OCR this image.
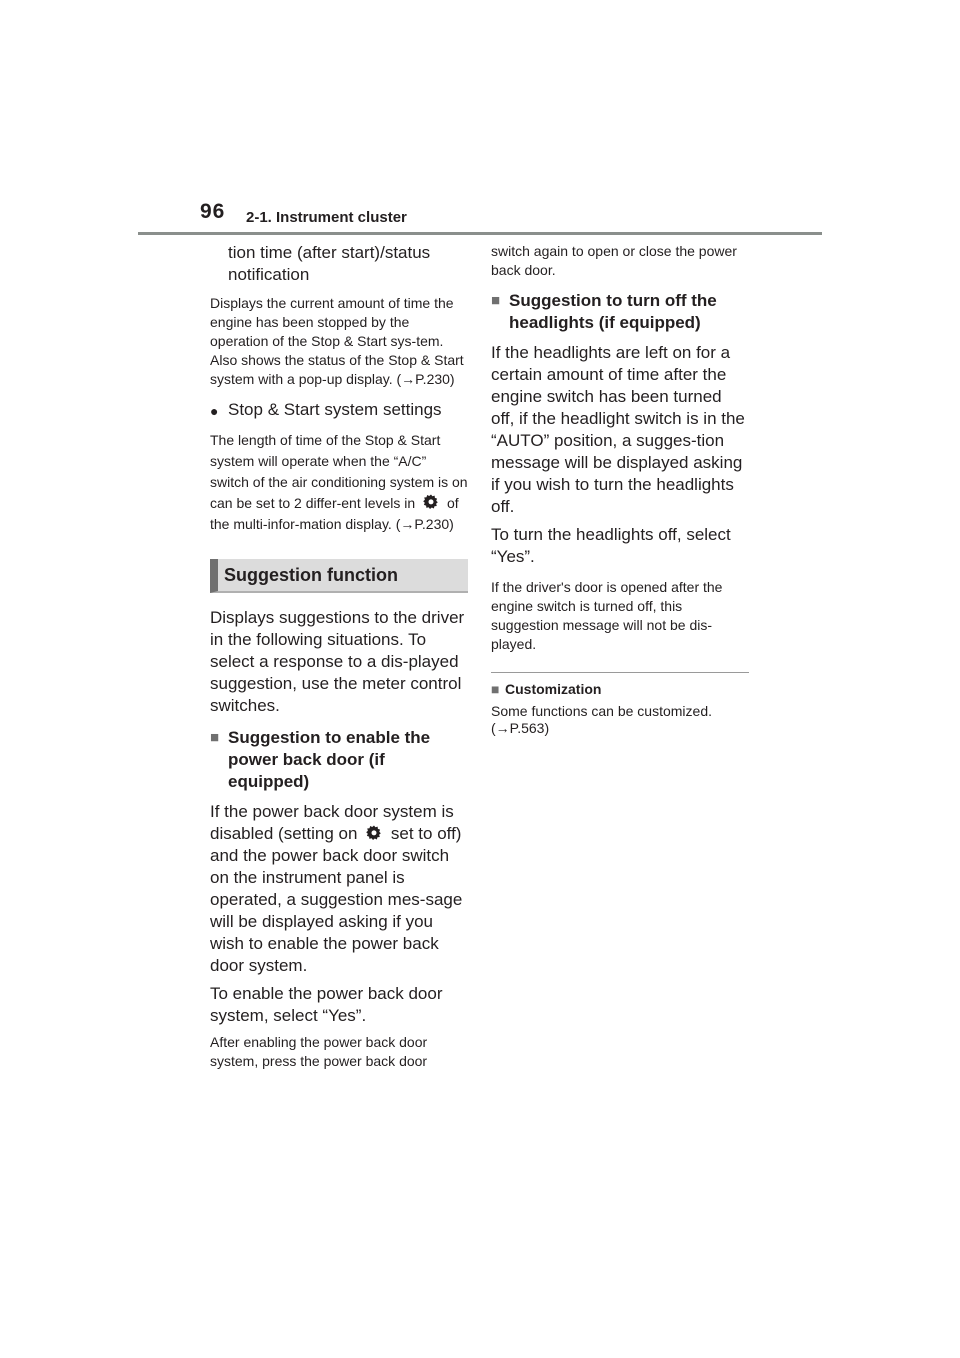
96 2-1. Instrument cluster

tion time (after start)/status notification

Displays the current amount of time the engine has been stopped by the operation of the Stop & Start sys-tem.

Also shows the status of the Stop & Start system with a pop-up display. (→P.230)

● Stop & Start system settings

The length of time of the Stop & Start system will operate when the “A/C” switch of the air conditioning system is on can be set to 2 differ-ent levels in of the multi-infor-mation display. (→P.230)

Suggestion function

Displays suggestions to the driver in the following situations. To select a response to a dis-played suggestion, use the meter control switches.

■ Suggestion to enable the power back door (if equipped)

If the power back door system is disabled (setting on set to off) and the power back door switch on the instrument panel is operated, a suggestion mes-sage will be displayed asking if you wish to enable the power back door system.

To enable the power back door system, select “Yes”.

After enabling the power back door system, press the power back door

switch again to open or close the power back door.

■ Suggestion to turn off the headlights (if equipped)

If the headlights are left on for a certain amount of time after the engine switch has been turned off, if the headlight switch is in the “AUTO” position, a sugges-tion message will be displayed asking if you wish to turn the headlights off.

To turn the headlights off, select “Yes”.

If the driver's door is opened after the engine switch is turned off, this suggestion message will not be dis-played.

■ Customization

Some functions can be customized. (→P.563)
